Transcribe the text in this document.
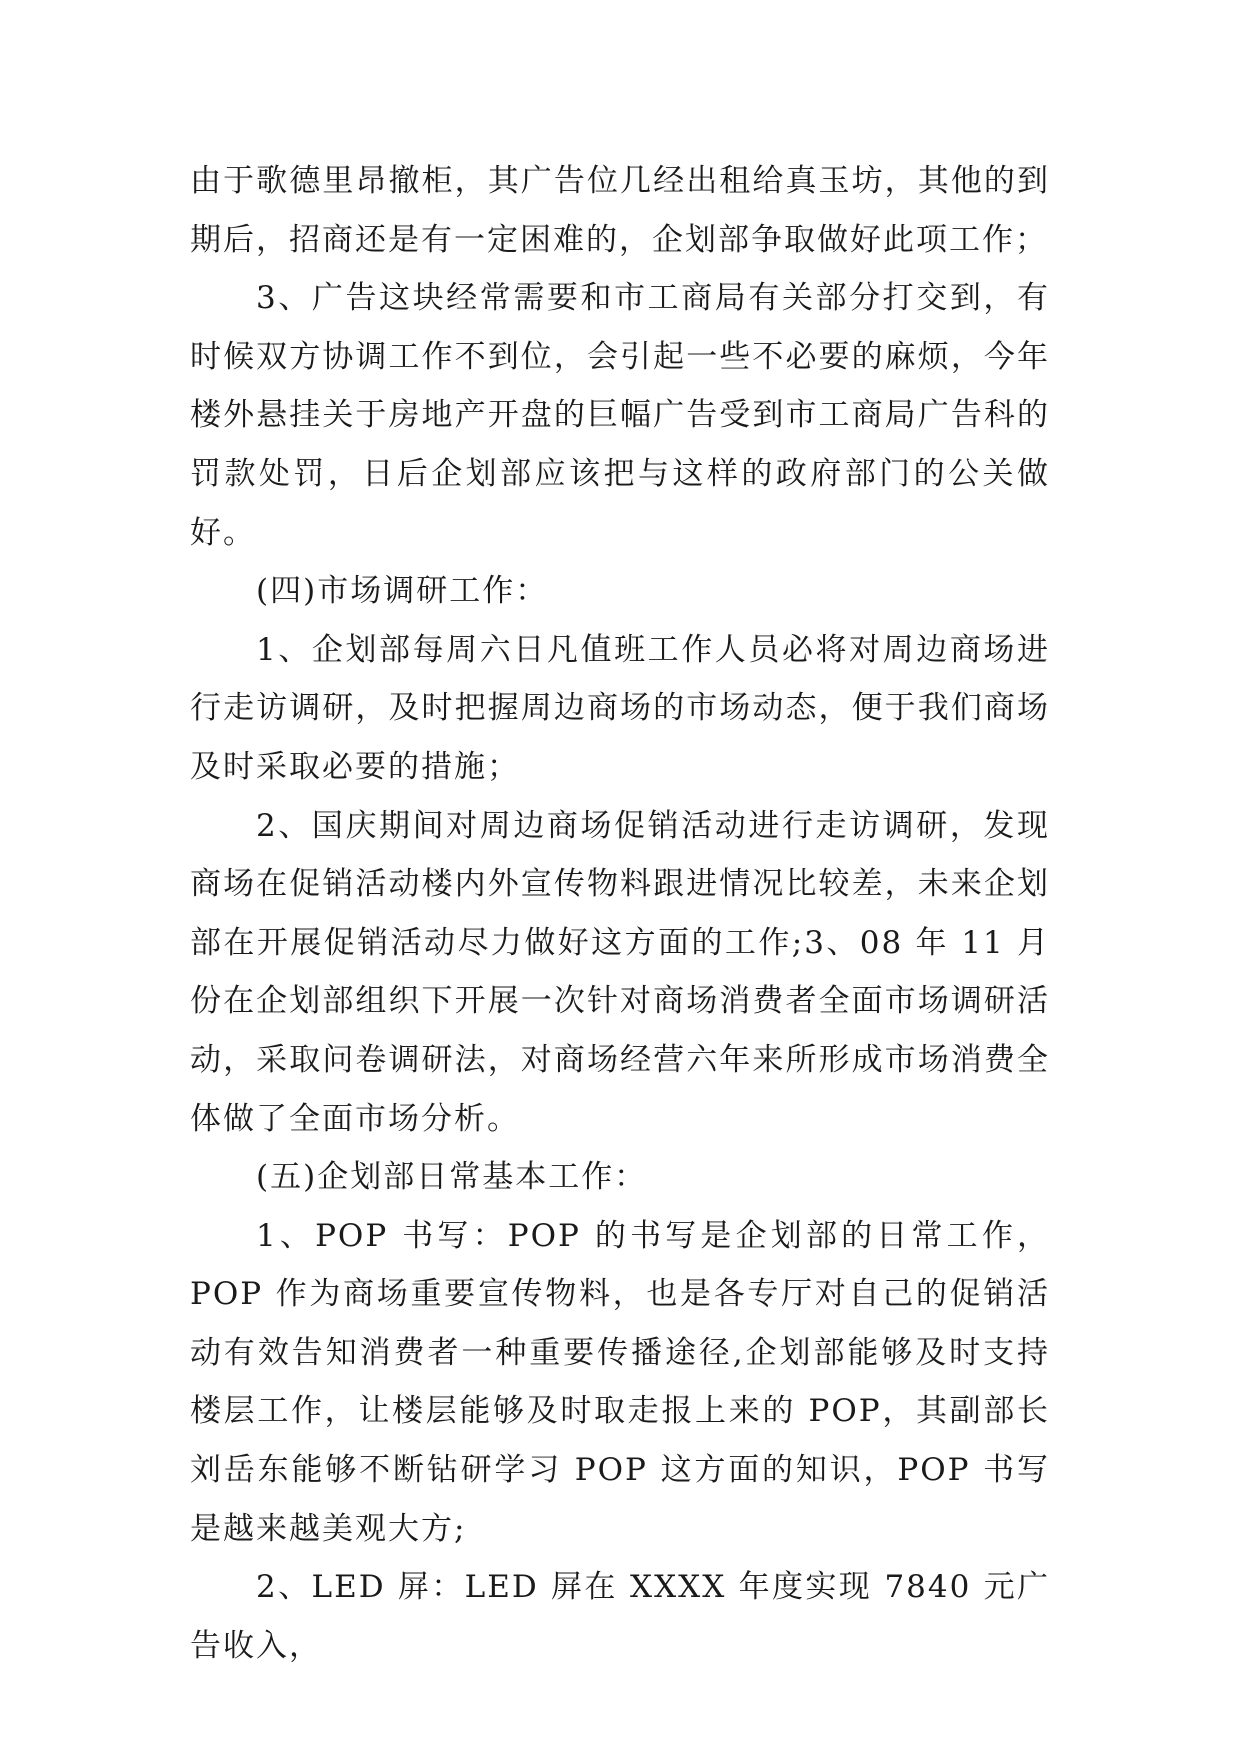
由于歌德里昂撤柜，其广告位几经出租给真玉坊，其他的到期后，招商还是有一定困难的，企划部争取做好此项工作；

3、广告这块经常需要和市工商局有关部分打交到，有时候双方协调工作不到位，会引起一些不必要的麻烦，今年楼外悬挂关于房地产开盘的巨幅广告受到市工商局广告科的罚款处罚，日后企划部应该把与这样的政府部门的公关做好。

(四)市场调研工作：

1、企划部每周六日凡值班工作人员必将对周边商场进行走访调研，及时把握周边商场的市场动态，便于我们商场及时采取必要的措施；

2、国庆期间对周边商场促销活动进行走访调研，发现商场在促销活动楼内外宣传物料跟进情况比较差，未来企划部在开展促销活动尽力做好这方面的工作;3、08 年 11 月份在企划部组织下开展一次针对商场消费者全面市场调研活动，采取问卷调研法，对商场经营六年来所形成市场消费全体做了全面市场分析。

(五)企划部日常基本工作：

1、POP 书写：POP 的书写是企划部的日常工作，POP 作为商场重要宣传物料，也是各专厅对自己的促销活动有效告知消费者一种重要传播途径,企划部能够及时支持楼层工作，让楼层能够及时取走报上来的 POP，其副部长刘岳东能够不断钻研学习 POP 这方面的知识，POP 书写是越来越美观大方;

2、LED 屏：LED 屏在 XXXX 年度实现 7840 元广告收入，
